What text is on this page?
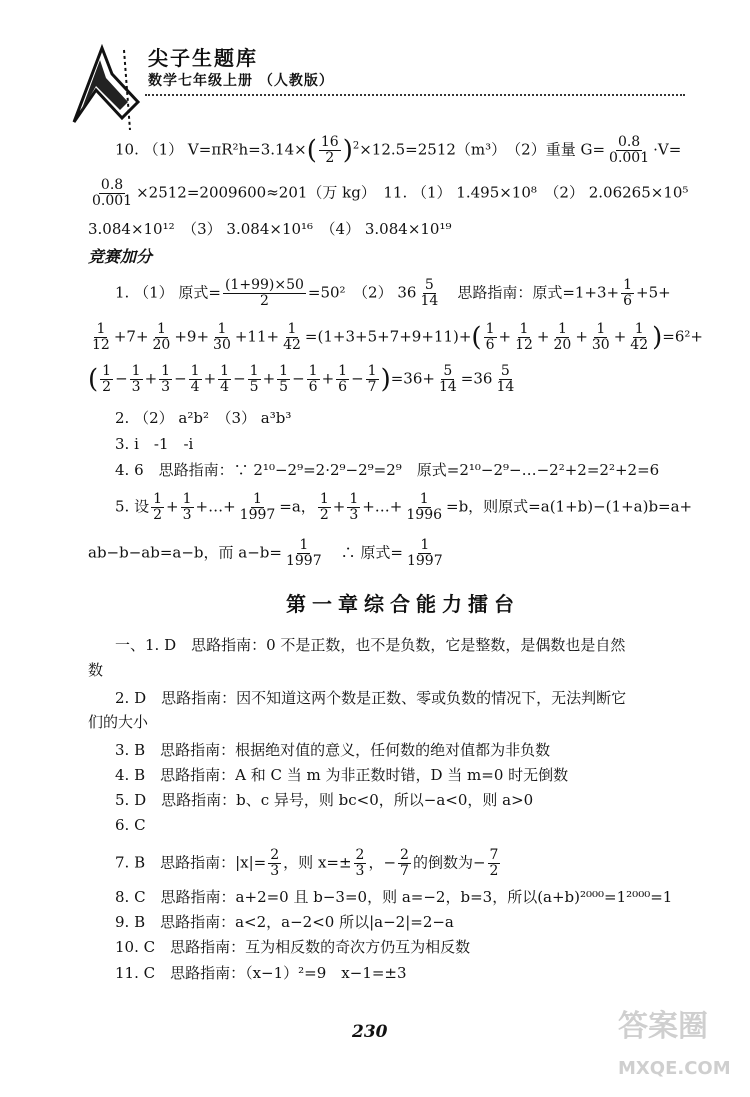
尖子生题库
数学七年级上册 （人教版）
10. （1） $V=\pi R^2h=3.14\times( \frac{16}{2} )^2\times 12.5=2512(m^3)$　（2）重量 $G= \frac{0.8}{0.001} \cdot V=$
$\frac{0.8}{0.001} \times 2512=2009600\approx 201$（万 kg）　11. （1） 1.495×10⁸　（2） 2.06265×10⁵
3.084×10¹²　（3） 3.084×10¹⁶　（4） 3.084×10¹⁹
竞赛加分
1. （1） 原式= $\frac{(1+99)\times 50}{2} =50^2$　（2） $36 \frac{5}{14}$
　 思路指南：原式$=1+3+ \frac{1}{6} +5+$
$\frac{1}{12} +7+ \frac{1}{20} +9+ \frac{1}{30} +11+ \frac{1}{42} =(1+3+5+7+9+11)+( \frac{1}{6} + \frac{1}{12} + \frac{1}{20} + \frac{1}{30} + \frac{1}{42} )=6^2+$
( $\frac{1}{2} - \frac{1}{3} + \frac{1}{3} - \frac{1}{4} + \frac{1}{4} - \frac{1}{5} + \frac{1}{5} - \frac{1}{6} + \frac{1}{6} - \frac{1}{7} )=36+ \frac{5}{14} =36 \frac{5}{14}$
2. （2） a²b²　（3） a³b³
3. i　-1　-i
4. 6　思路指南：∵ 2¹⁰−2⁹=2·2⁹−2⁹=2⁹　原式=2¹⁰−2⁹−…−2²+2=2²+2=6
5. 设 $\frac{1}{2} + \frac{1}{3}$ +…+ $\frac{1}{1997} =a$， $\frac{1}{2} + \frac{1}{3}$ +…+ $\frac{1}{1996} =b$，则原式=a(1+b)−(1+a)b=a+
ab−b−ab=a−b，而 $a-b= \frac{1}{1997}$
　 ∴ 原式= $\frac{1}{1997}$
第一章综合能力擂台
一、1. D　思路指南：0 不是正数，也不是负数，它是整数，是偶数也是自然
数
2. D　思路指南：因不知道这两个数是正数、零或负数的情况下，无法判断它
们的大小
3. B　思路指南：根据绝对值的意义，任何数的绝对值都为非负数
4. B　思路指南：A 和 C 当 m 为非正数时错，D 当 m=0 时无倒数
5. D　思路指南：b、c 异号，则 bc<0，所以−a<0，则 a>0
6. C
7. B　思路指南：$|x|= \frac{2}{3}$ ，则 $x=\pm \frac{2}{3}$ ，− $\frac{2}{7}$ 的倒数为− $\frac{7}{2}$
8. C　思路指南：a+2=0 且 b−3=0，则 a=−2，b=3，所以(a+b)²⁰⁰⁰=1²⁰⁰⁰=1
9. B　思路指南：a<2，a−2<0 所以|a−2|=2−a
10. C　思路指南：互为相反数的奇次方仍互为相反数
11. C　思路指南：（x−1）²=9　x−1=±3
230	答案圈
MXQE.COM
